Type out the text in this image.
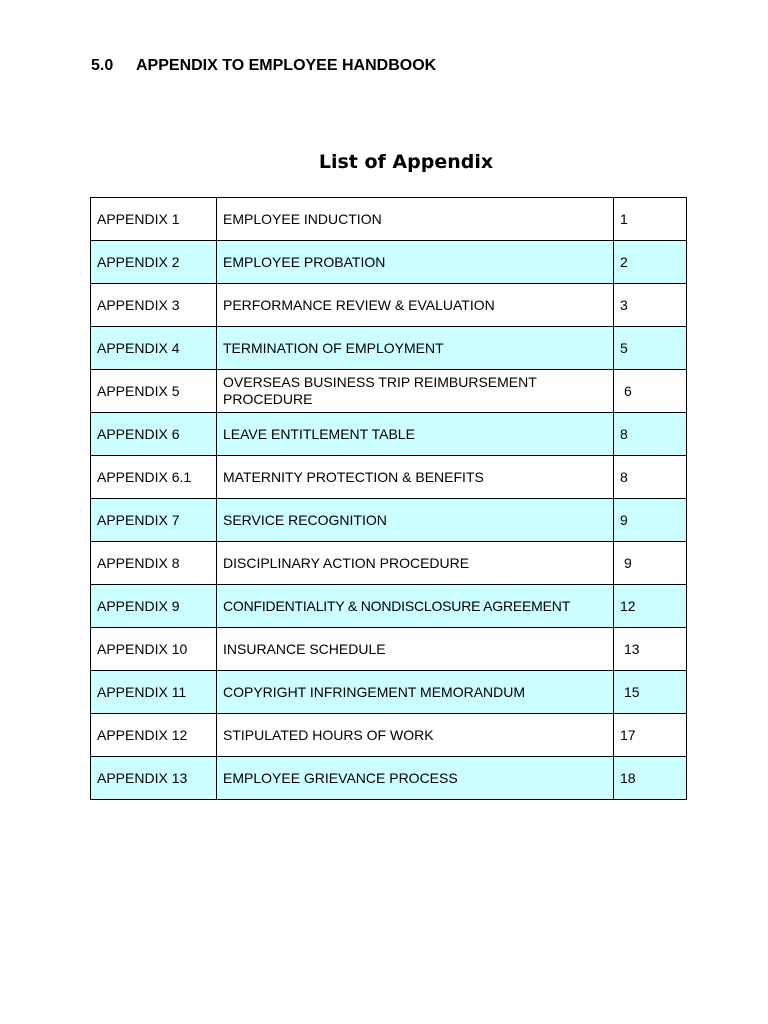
5.0 APPENDIX TO EMPLOYEE HANDBOOK
List of Appendix
APPENDIX 1	EMPLOYEE INDUCTION	1
APPENDIX 2	EMPLOYEE PROBATION	2
APPENDIX 3	PERFORMANCE REVIEW & EVALUATION	3
APPENDIX 4	TERMINATION OF EMPLOYMENT	5
APPENDIX 5	OVERSEAS BUSINESS TRIP REIMBURSEMENT PROCEDURE	6
APPENDIX 6	LEAVE ENTITLEMENT TABLE	8
APPENDIX 6.1	MATERNITY PROTECTION & BENEFITS	8
APPENDIX 7	SERVICE RECOGNITION	9
APPENDIX 8	DISCIPLINARY ACTION PROCEDURE	9
APPENDIX 9	CONFIDENTIALITY & NONDISCLOSURE AGREEMENT	12
APPENDIX 10	INSURANCE SCHEDULE	13
APPENDIX 11	COPYRIGHT INFRINGEMENT MEMORANDUM	15
APPENDIX 12	STIPULATED HOURS OF WORK	17
APPENDIX 13	EMPLOYEE GRIEVANCE PROCESS	18
